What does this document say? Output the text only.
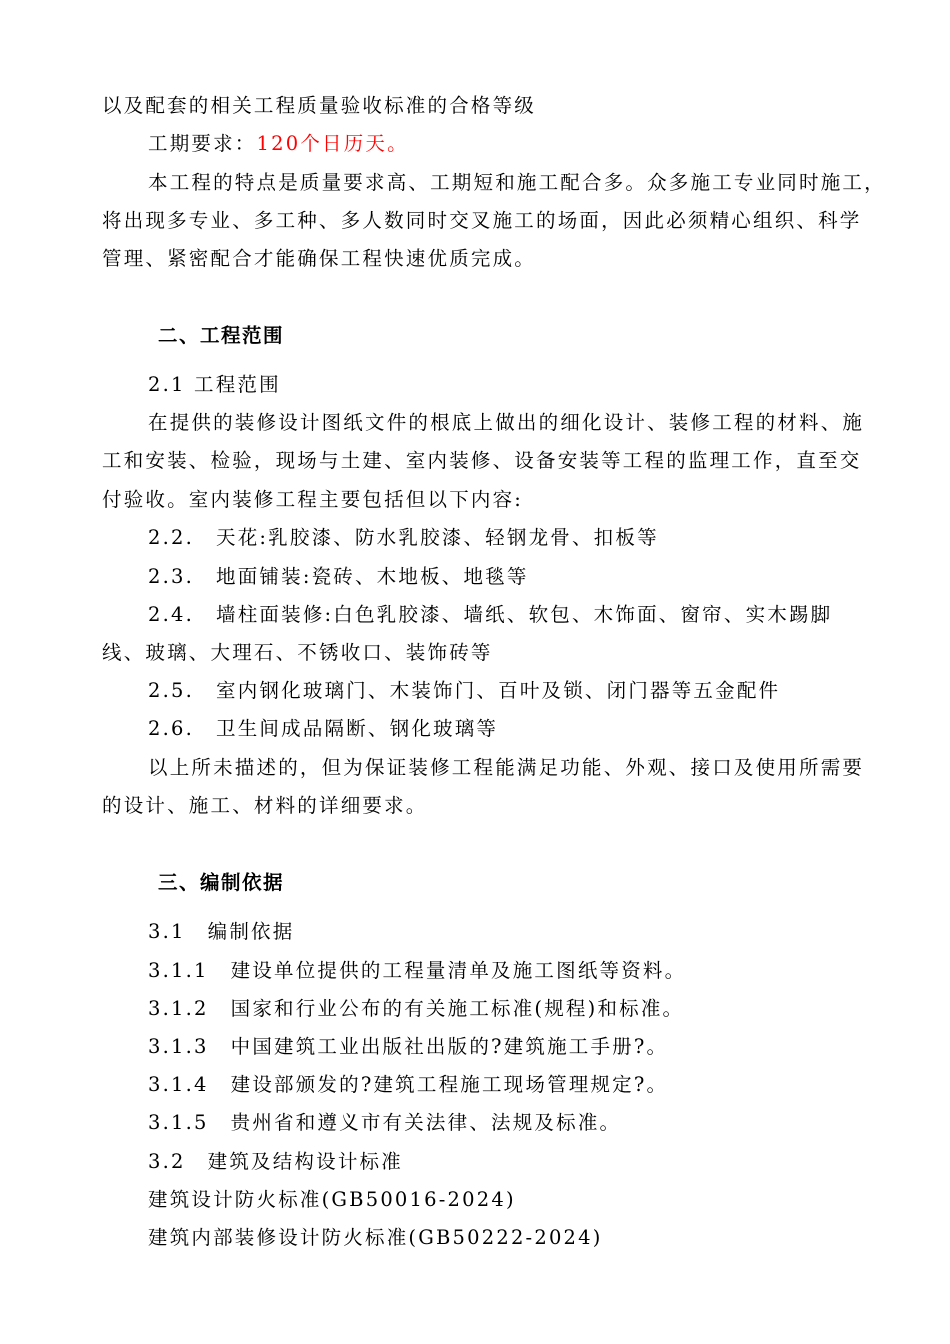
以及配套的相关工程质量验收标准的合格等级
工期要求：120个日历天。
本工程的特点是质量要求高、工期短和施工配合多。众多施工专业同时施工，
将出现多专业、多工种、多人数同时交叉施工的场面，因此必须精心组织、科学
管理、紧密配合才能确保工程快速优质完成。
二、工程范围
2.1 工程范围
在提供的装修设计图纸文件的根底上做出的细化设计、装修工程的材料、施
工和安装、检验，现场与土建、室内装修、设备安装等工程的监理工作，直至交
付验收。室内装修工程主要包括但以下内容:
2.2. 天花:乳胶漆、防水乳胶漆、轻钢龙骨、扣板等
2.3. 地面铺装:瓷砖、木地板、地毯等
2.4. 墙柱面装修:白色乳胶漆、墙纸、软包、木饰面、窗帘、实木踢脚
线、玻璃、大理石、不锈收口、装饰砖等
2.5. 室内钢化玻璃门、木装饰门、百叶及锁、闭门器等五金配件
2.6. 卫生间成品隔断、钢化玻璃等
以上所未描述的，但为保证装修工程能满足功能、外观、接口及使用所需要
的设计、施工、材料的详细要求。
三、编制依据
3.1 编制依据
3.1.1 建设单位提供的工程量清单及施工图纸等资料。
3.1.2 国家和行业公布的有关施工标准(规程)和标准。
3.1.3 中国建筑工业出版社出版的?建筑施工手册?。
3.1.4 建设部颁发的?建筑工程施工现场管理规定?。
3.1.5 贵州省和遵义市有关法律、法规及标准。
3.2 建筑及结构设计标准
建筑设计防火标准(GB50016-2024)
建筑内部装修设计防火标准(GB50222-2024)
